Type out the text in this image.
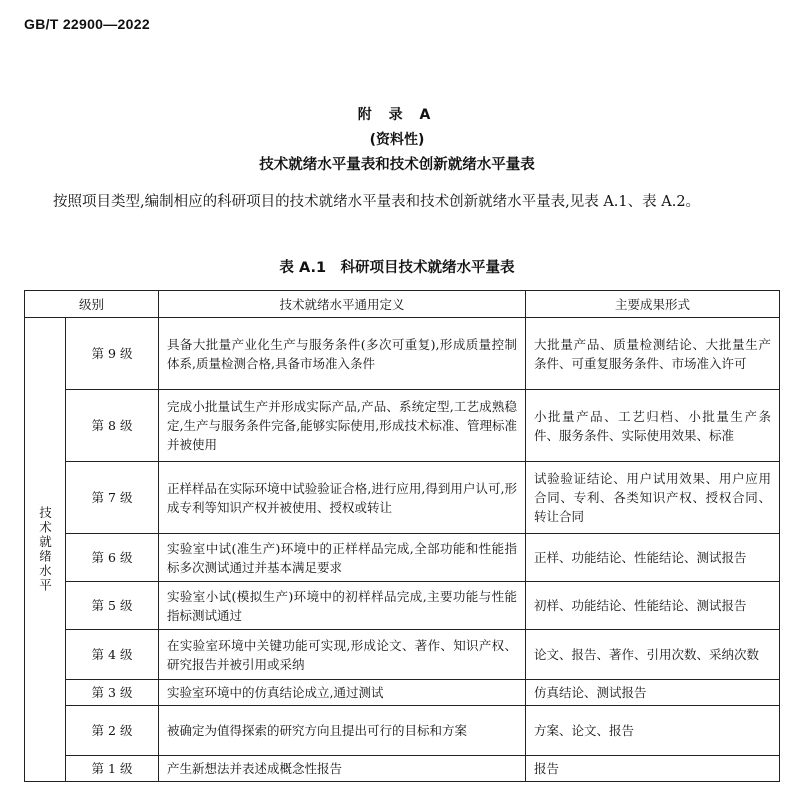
GB/T 22900—2022
附 录 A
(资料性)
技术就绪水平量表和技术创新就绪水平量表

按照项目类型,编制相应的科研项目的技术就绪水平量表和技术创新就绪水平量表,见表 A.1、表 A.2。

表 A.1　科研项目技术就绪水平量表
级别		技术就绪水平通用定义	主要成果形式
技术就绪水平	第 9 级	具备大批量产业化生产与服务条件(多次可重复),形成质量控制体系,质量检测合格,具备市场准入条件	大批量产品、质量检测结论、大批量生产条件、可重复服务条件、市场准入许可
	第 8 级	完成小批量试生产并形成实际产品,产品、系统定型,工艺成熟稳定,生产与服务条件完备,能够实际使用,形成技术标准、管理标准并被使用	小批量产品、工艺归档、小批量生产条件、服务条件、实际使用效果、标准
	第 7 级	正样样品在实际环境中试验验证合格,进行应用,得到用户认可,形成专利等知识产权并被使用、授权或转让	试验验证结论、用户试用效果、用户应用合同、专利、各类知识产权、授权合同、转让合同
	第 6 级	实验室中试(准生产)环境中的正样样品完成,全部功能和性能指标多次测试通过并基本满足要求	正样、功能结论、性能结论、测试报告
	第 5 级	实验室小试(模拟生产)环境中的初样样品完成,主要功能与性能指标测试通过	初样、功能结论、性能结论、测试报告
	第 4 级	在实验室环境中关键功能可实现,形成论文、著作、知识产权、研究报告并被引用或采纳	论文、报告、著作、引用次数、采纳次数
	第 3 级	实验室环境中的仿真结论成立,通过测试	仿真结论、测试报告
	第 2 级	被确定为值得探索的研究方向且提出可行的目标和方案	方案、论文、报告
	第 1 级	产生新想法并表述成概念性报告	报告
